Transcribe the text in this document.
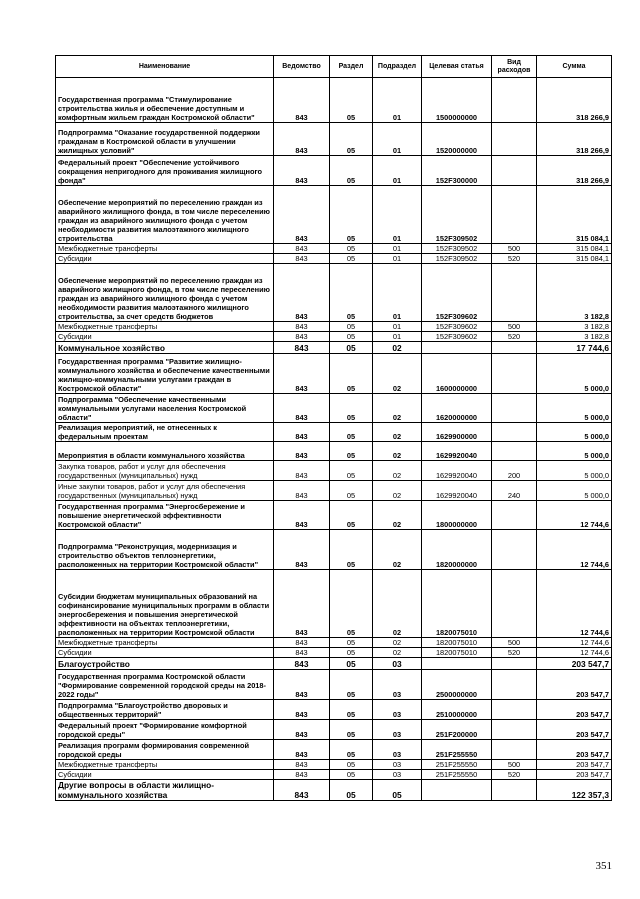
Наименование	Ведомство	Раздел	Подраздел	Целевая статья	Вид расходов	Сумма
Государственная программа "Стимулирование строительства жилья и обеспечение доступным и комфортным жильем граждан Костромской области"	843	05	01	1500000000		318 266,9
Подпрограмма "Оказание государственной поддержки гражданам в Костромской области в улучшении жилищных условий"	843	05	01	1520000000		318 266,9
Федеральный проект "Обеспечение устойчивого сокращения непригодного для проживания жилищного фонда"	843	05	01	152F300000		318 266,9
Обеспечение мероприятий по переселению граждан из аварийного жилищного фонда, в том числе переселению граждан из аварийного жилищного фонда с учетом необходимости развития малоэтажного жилищного строительства	843	05	01	152F309502		315 084,1
Межбюджетные трансферты	843	05	01	152F309502	500	315 084,1
Субсидии	843	05	01	152F309502	520	315 084,1
Обеспечение мероприятий по переселению граждан из аварийного жилищного фонда, в том числе переселению граждан из аварийного жилищного фонда с учетом необходимости развития малоэтажного жилищного строительства, за счет средств бюджетов	843	05	01	152F309602		3 182,8
Межбюджетные трансферты	843	05	01	152F309602	500	3 182,8
Субсидии	843	05	01	152F309602	520	3 182,8
Коммунальное хозяйство	843	05	02			17 744,6
Государственная программа "Развитие жилищно-коммунального хозяйства и обеспечение качественными жилищно-коммунальными услугами граждан в Костромской области"	843	05	02	1600000000		5 000,0
Подпрограмма "Обеспечение качественными коммунальными услугами населения Костромской области"	843	05	02	1620000000		5 000,0
Реализация мероприятий, не отнесенных к федеральным проектам	843	05	02	1629900000		5 000,0
Мероприятия в области коммунального хозяйства	843	05	02	1629920040		5 000,0
Закупка товаров, работ и услуг для обеспечения государственных (муниципальных) нужд	843	05	02	1629920040	200	5 000,0
Иные закупки товаров, работ и услуг для обеспечения государственных (муниципальных) нужд	843	05	02	1629920040	240	5 000,0
Государственная программа "Энергосбережение и повышение энергетической эффективности Костромской области"	843	05	02	1800000000		12 744,6
Подпрограмма "Реконструкция, модернизация и строительство объектов теплоэнергетики, расположенных на территории Костромской области"	843	05	02	1820000000		12 744,6
Субсидии бюджетам муниципальных образований на софинансирование муниципальных программ в области энергосбережения и повышения энергетической эффективности на объектах теплоэнергетики, расположенных на территории Костромской области	843	05	02	1820075010		12 744,6
Межбюджетные трансферты	843	05	02	1820075010	500	12 744,6
Субсидии	843	05	02	1820075010	520	12 744,6
Благоустройство	843	05	03			203 547,7
Государственная программа Костромской области "Формирование современной городской среды на 2018-2022 годы"	843	05	03	2500000000		203 547,7
Подпрограмма "Благоустройство дворовых и общественных территорий"	843	05	03	2510000000		203 547,7
Федеральный проект "Формирование комфортной городской среды"	843	05	03	251F200000		203 547,7
Реализация программ формирования современной городской среды	843	05	03	251F255550		203 547,7
Межбюджетные трансферты	843	05	03	251F255550	500	203 547,7
Субсидии	843	05	03	251F255550	520	203 547,7
Другие вопросы в области жилищно-коммунального хозяйства	843	05	05			122 357,3
351
